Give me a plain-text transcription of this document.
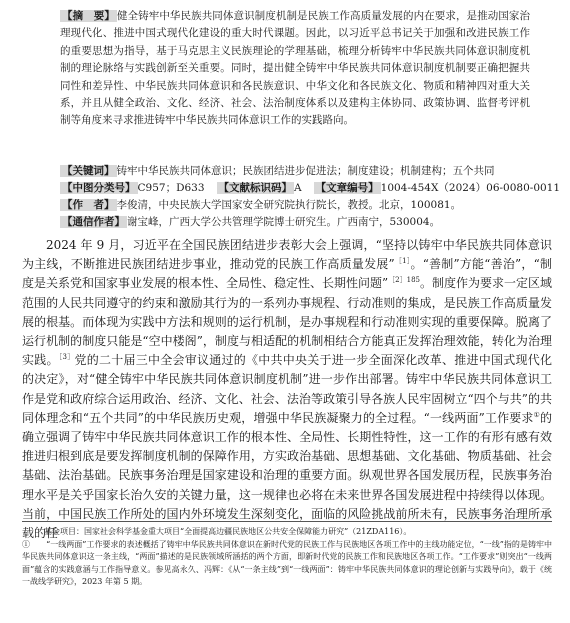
【摘　要】 健全铸牢中华民族共同体意识制度机制是民族工作高质量发展的内在要求，是推动国家治理现代化、推进中国式现代化建设的重大时代课题。因此，以习近平总书记关于加强和改进民族工作的重要思想为指导，基于马克思主义民族理论的学理基础，梳理分析铸牢中华民族共同体意识制度机制的理论脉络与实践创新至关重要。同时，提出健全铸牢中华民族共同体意识制度机制要正确把握共同性和差异性、中华民族共同体意识和各民族意识、中华文化和各民族文化、物质和精神四对重大关系，并且从健全政治、文化、经济、社会、法治制度体系以及建构主体协同、政策协调、监督考评机制等角度来寻求推进铸牢中华民族共同体意识工作的实践路向。
【关键词】 铸牢中华民族共同体意识；民族团结进步促进法；制度建设；机制建构；五个共同
【中图分类号】 C957；D633 【文献标识码】 A 【文章编号】 1004-454X（2024）06-0080-0011
【作　者】 李俊清，中央民族大学国家安全研究院执行院长，教授。北京，100081。
【通信作者】 谢宝峰，广西大学公共管理学院博士研究生。广西南宁，530004。

2024 年 9 月，习近平在全国民族团结进步表彰大会上强调，“坚持以铸牢中华民族共同体意识为主线，不断推进民族团结进步事业，推动党的民族工作高质量发展”$^{[1]}$。“善制”方能“善治”，“制度是关系党和国家事业发展的根本性、全局性、稳定性、长期性问题”$^{[2]185}$。制度作为要求一定区域范围的人民共同遵守的约束和激励其行为的一系列办事规程、行动准则的集成，是民族工作高质量发展的根基。而体现为实践中方法和规则的运行机制，是办事规程和行动准则实现的重要保障。脱离了运行机制的制度只能是“空中楼阁”，制度与相适配的机制相结合方能真正发挥治理效能，转化为治理实践。$^{[3]}$党的二十届三中全会审议通过的《中共中央关于进一步全面深化改革、推进中国式现代化的决定》，对“健全铸牢中华民族共同体意识制度机制”进一步作出部署。铸牢中华民族共同体意识工作是党和政府综合运用政治、经济、文化、社会、法治等政策引导各族人民牢固树立“四个与共”的共同体理念和“五个共同”的中华民族历史观，增强中华民族凝聚力的全过程。“一线两面”工作要求①的确立强调了铸牢中华民族共同体意识工作的根本性、全局性、长期性特性，这一工作的有形有感有效推进归根到底是要发挥制度机制的保障作用，方实政治基础、思想基础、文化基础、物质基础、社会基础、法治基础。民族事务治理是国家建设和治理的重要方面。纵观世界各国发展历程，民族事务治理水平是关乎国家长治久安的关键力量，这一规律也必将在未来世界各国发展进程中持续得以体现。当前，中国民族工作所处的国内外环境发生深刻变化，面临的风险挑战前所未有，民族事务治理所承载的任

基金项目：国家社会科学基金重大项目“全面提高边疆民族地区公共安全保障能力研究”（21ZDA116）。

①　　 “一线两面”工作要求的表述概括了铸牢中华民族共同体意识在新时代党的民族工作与民族地区各项工作中的主线功能定位，“一线”指的是铸牢中华民族共同体意识这一条主线，“两面”描述的是民族领域所涵括的两个方面，即新时代党的民族工作和民族地区各项工作。“工作要求”则突出“一线两面”蕴含的实践意涵与工作指导意义。参见高永久、冯辉：《从“一条主线”到“一线两面”：铸牢中华民族共同体意识的理论创新与实践导向》，载于《统一战线学研究》，2023 年第 5 期。
